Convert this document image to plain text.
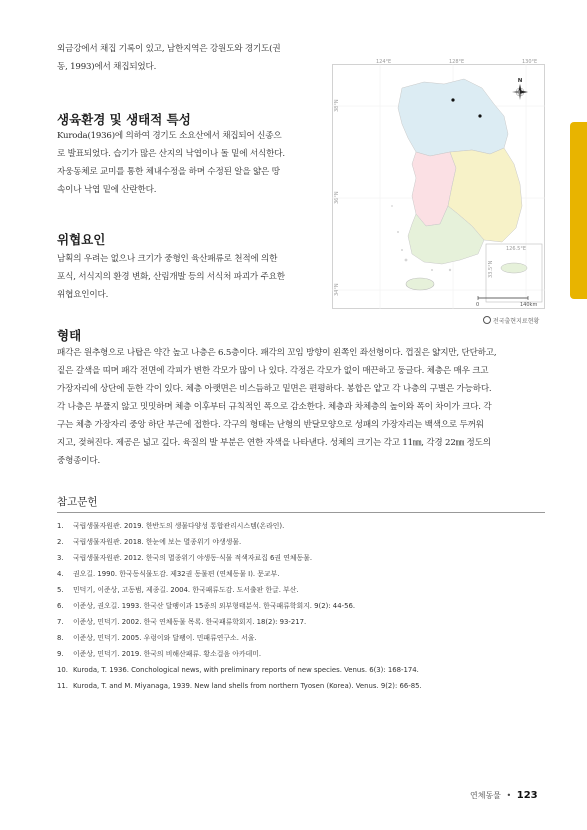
외금강에서 채집 기록이 있고, 남한지역은 강원도와 경기도(권
동, 1993)에서 채집되었다.
생육환경 및 생태적 특성
Kuroda(1936)에 의하여 경기도 소요산에서 채집되어 신종으
로 발표되었다. 습기가 많은 산지의 낙엽이나 돌 밑에 서식한다.
자웅동체로 교미를 통한 체내수정을 하며 수정된 알을 얇은 땅
속이나 낙엽 밑에 산란한다.
위협요인
남획의 우려는 없으나 크기가 중형인 육산패류로 천적에 의한
포식, 서식지의 환경 변화, 산림개발 등의 서식처 파괴가 주요한
위협요인이다.
124°E	128°E	130°E
38°N
36°N
34°N
N
126.5°E
33.5°N
0	140km
전국출현지료현황
형태
패각은 원추형으로 나탑은 약간 높고 나층은 6.5층이다. 패각의 꼬임 방향이 왼쪽인 좌선형이다. 껍질은 얇지만, 단단하고,
짙은 갈색을 띠며 패각 전면에 각피가 변한 각모가 많이 나 있다. 각정은 각모가 없이 매끈하고 둥글다. 체층은 매우 크고
가장자리에 상단에 둔한 각이 있다. 체층 아랫면은 비스듬하고 밑면은 편평하다. 봉합은 얕고 각 나층의 구별은 가능하다.
각 나층은 부풀지 않고 밋밋하며 체층 이후부터 규칙적인 폭으로 감소한다. 체층과 차체층의 높이와 폭이 차이가 크다. 각
구는 체층 가장자리 중앙 하단 부근에 접한다. 각구의 형태는 난형의 반달모양으로 성패의 가장자리는 백색으로 두꺼워
지고, 젖혀진다. 제공은 넓고 깊다. 육질의 발 부분은 연한 자색을 나타낸다. 성체의 크기는 각고 11㎜, 각경 22㎜ 정도의
중형종이다.
참고문헌
1. 국립생물자원관. 2019. 한반도의 생물다양성 통합관리시스템(온라인).
2. 국립생물자원관. 2018. 한눈에 보는 멸종위기 야생생물.
3. 국립생물자원관. 2012. 한국의 멸종위기 야생동·식물 적색자료집 6권 연체동물.
4. 권오길. 1990. 한국동식물도감. 제32권 동물편 (연체동물 Ⅰ). 문교부.
5. 민덕기, 이준상, 고동범, 제종길. 2004. 한국패류도감. 도서출판 한글. 부산.
6. 이준상, 권오길. 1993. 한국산 달팽이과 15종의 외부형태분석. 한국패류학회지. 9(2): 44-56.
7. 이준상, 민덕기. 2002. 한국 연체동물 목록. 한국패류학회지. 18(2): 93-217.
8. 이준상, 민덕기. 2005. 우렁이와 달팽이. 민패류연구소. 서울.
9. 이준상, 민덕기. 2019. 한국의 비해산패류. 황소걸음 아카데미.
10. Kuroda, T. 1936. Conchological news, with preliminary reports of new species. Venus. 6(3): 168-174.
11. Kuroda, T. and M. Miyanaga, 1939. New land shells from northern Tyosen (Korea). Venus. 9(2): 66-85.
연체동물 • 123
